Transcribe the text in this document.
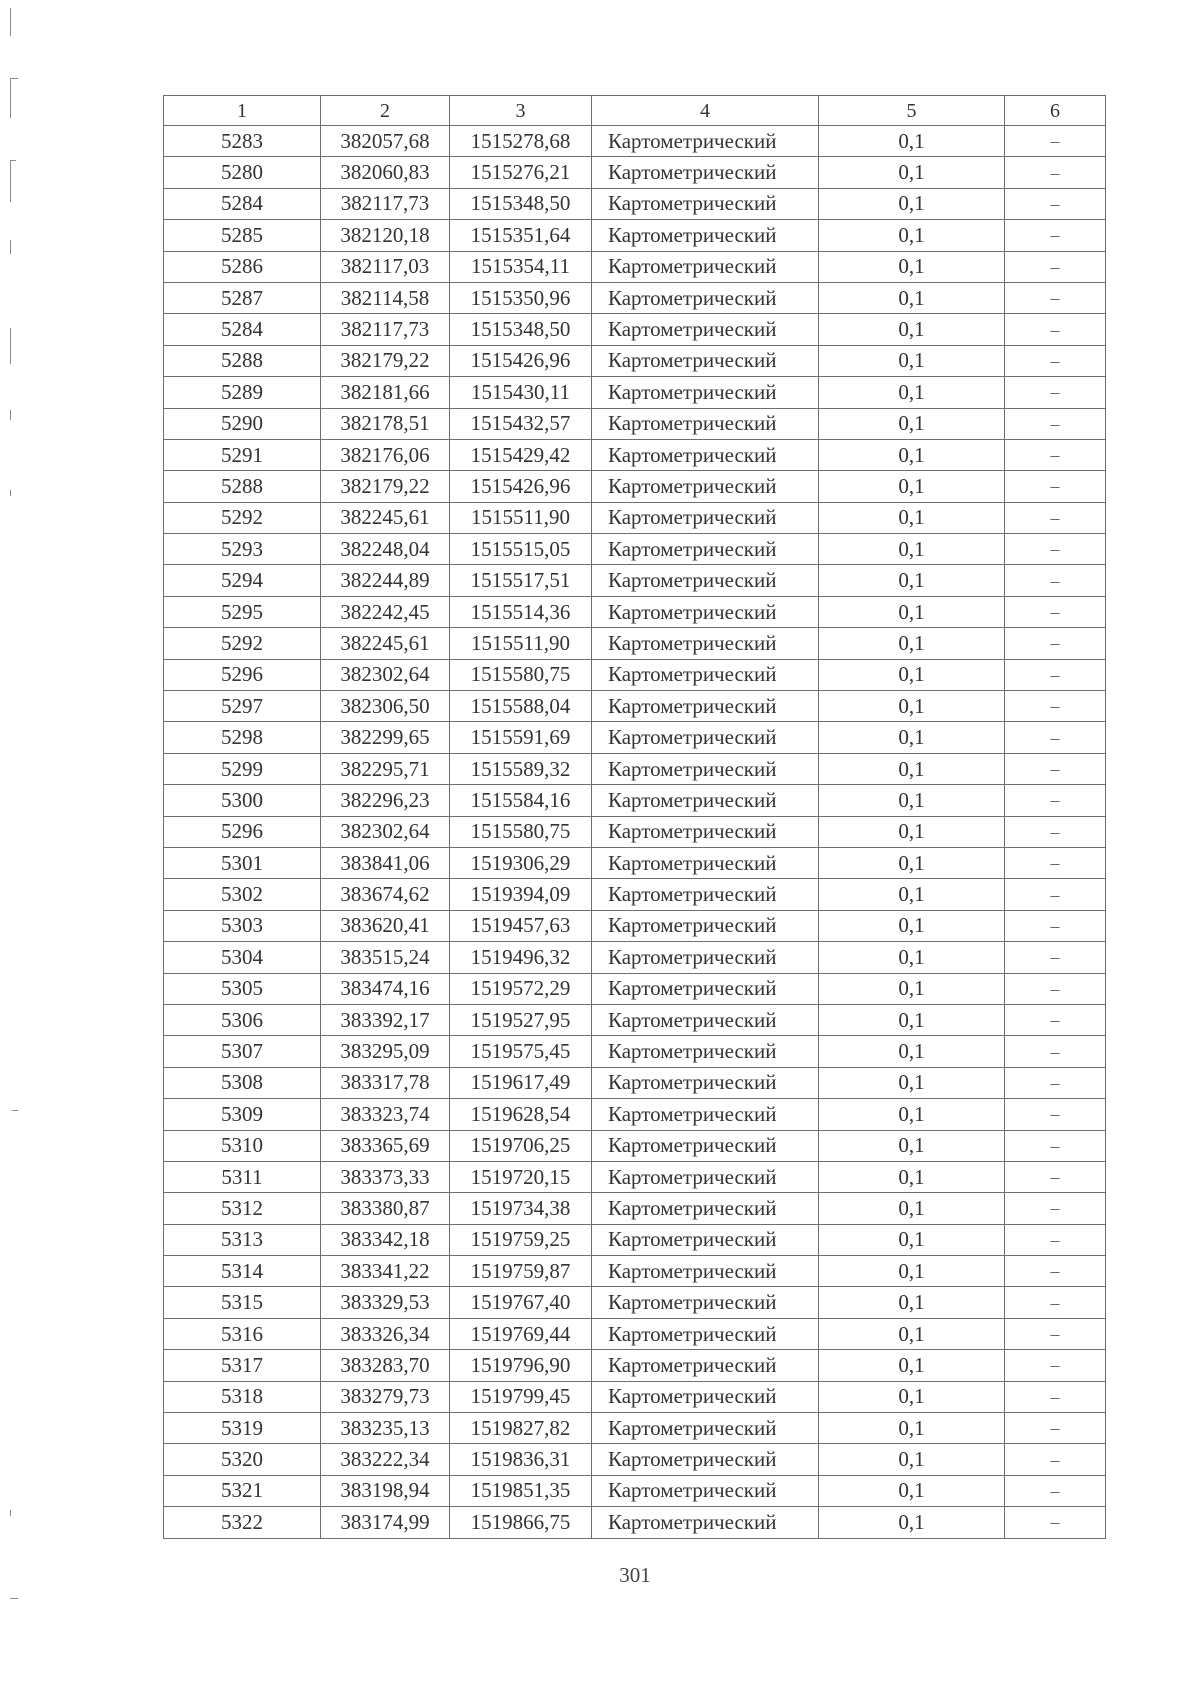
1	2	3	4	5	6
5283	382057,68	1515278,68	Картометрический	0,1	–
5280	382060,83	1515276,21	Картометрический	0,1	–
5284	382117,73	1515348,50	Картометрический	0,1	–
5285	382120,18	1515351,64	Картометрический	0,1	–
5286	382117,03	1515354,11	Картометрический	0,1	–
5287	382114,58	1515350,96	Картометрический	0,1	–
5284	382117,73	1515348,50	Картометрический	0,1	–
5288	382179,22	1515426,96	Картометрический	0,1	–
5289	382181,66	1515430,11	Картометрический	0,1	–
5290	382178,51	1515432,57	Картометрический	0,1	–
5291	382176,06	1515429,42	Картометрический	0,1	–
5288	382179,22	1515426,96	Картометрический	0,1	–
5292	382245,61	1515511,90	Картометрический	0,1	–
5293	382248,04	1515515,05	Картометрический	0,1	–
5294	382244,89	1515517,51	Картометрический	0,1	–
5295	382242,45	1515514,36	Картометрический	0,1	–
5292	382245,61	1515511,90	Картометрический	0,1	–
5296	382302,64	1515580,75	Картометрический	0,1	–
5297	382306,50	1515588,04	Картометрический	0,1	–
5298	382299,65	1515591,69	Картометрический	0,1	–
5299	382295,71	1515589,32	Картометрический	0,1	–
5300	382296,23	1515584,16	Картометрический	0,1	–
5296	382302,64	1515580,75	Картометрический	0,1	–
5301	383841,06	1519306,29	Картометрический	0,1	–
5302	383674,62	1519394,09	Картометрический	0,1	–
5303	383620,41	1519457,63	Картометрический	0,1	–
5304	383515,24	1519496,32	Картометрический	0,1	–
5305	383474,16	1519572,29	Картометрический	0,1	–
5306	383392,17	1519527,95	Картометрический	0,1	–
5307	383295,09	1519575,45	Картометрический	0,1	–
5308	383317,78	1519617,49	Картометрический	0,1	–
5309	383323,74	1519628,54	Картометрический	0,1	–
5310	383365,69	1519706,25	Картометрический	0,1	–
5311	383373,33	1519720,15	Картометрический	0,1	–
5312	383380,87	1519734,38	Картометрический	0,1	–
5313	383342,18	1519759,25	Картометрический	0,1	–
5314	383341,22	1519759,87	Картометрический	0,1	–
5315	383329,53	1519767,40	Картометрический	0,1	–
5316	383326,34	1519769,44	Картометрический	0,1	–
5317	383283,70	1519796,90	Картометрический	0,1	–
5318	383279,73	1519799,45	Картометрический	0,1	–
5319	383235,13	1519827,82	Картометрический	0,1	–
5320	383222,34	1519836,31	Картометрический	0,1	–
5321	383198,94	1519851,35	Картометрический	0,1	–
5322	383174,99	1519866,75	Картометрический	0,1	–
301
